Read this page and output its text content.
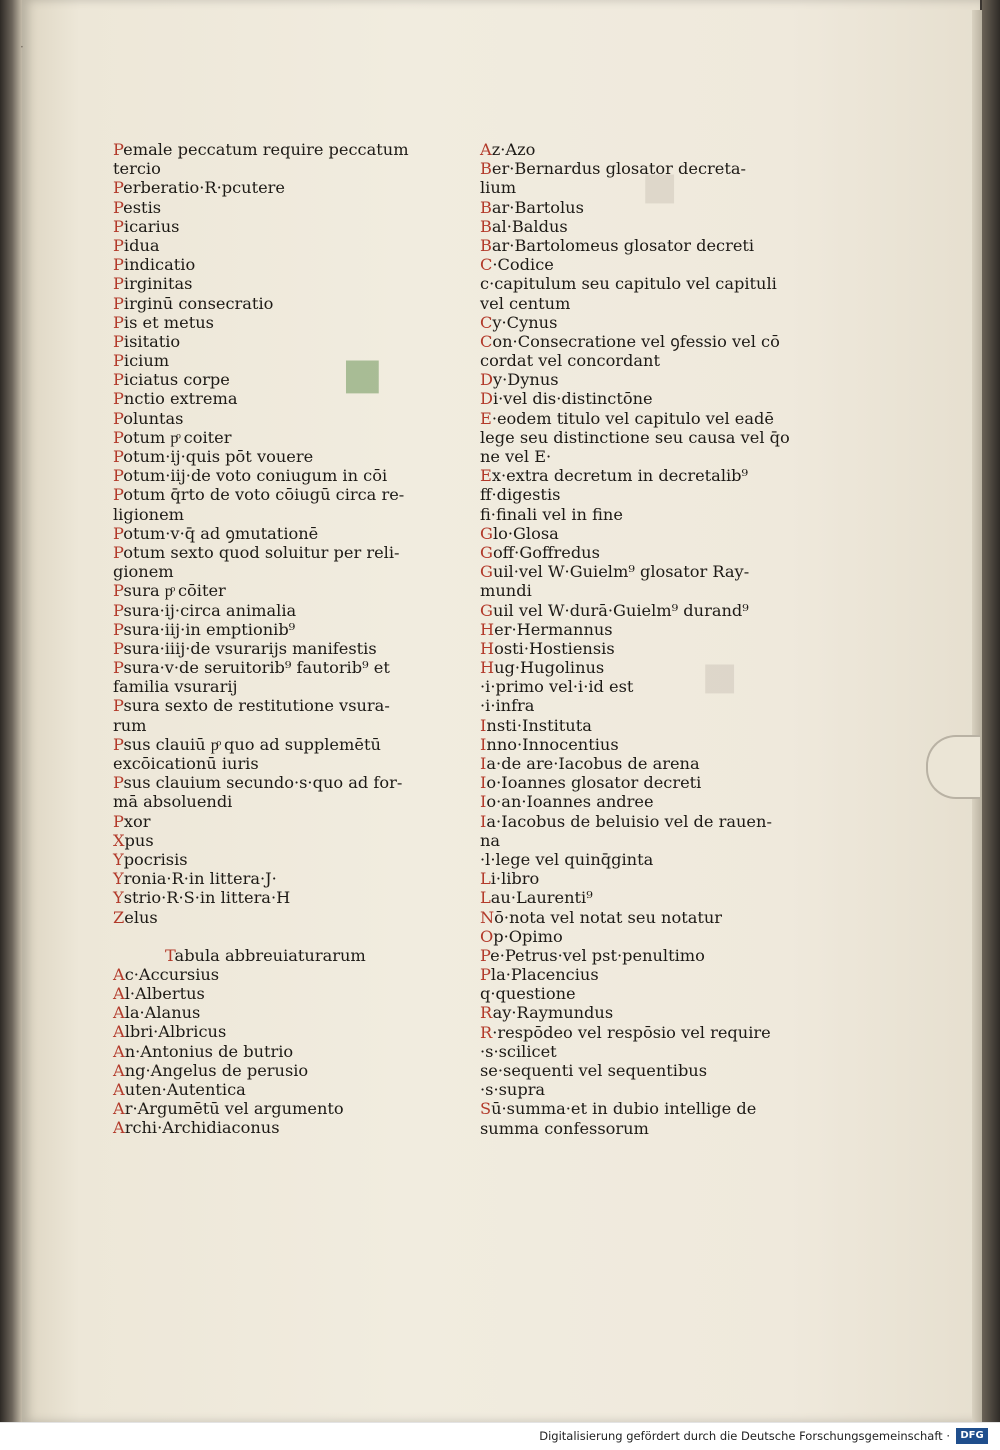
▪
▪
▪
·
Pemale peccatum require peccatum
tercio
Perberatio·R·pcutere
Pestis
Picarius
Pidua
Pindicatio
Pirginitas
Pirginū consecratio
Pis et metus
Pisitatio
Picium
Piciatus corpe
Pnctio extrema
Poluntas
Potum pͦ coiter
Potum·ij·quis pōt vouere
Potum·iij·de voto coniugum in cōi
Potum q̄rto de voto cōiugū circa re-
ligionem
Potum·v·q̄ ad ꝯmutationē
Potum sexto quod soluitur per reli-
gionem
Psura pͦ cōiter
Psura·ij·circa animalia
Psura·iij·in emptionib⁹
Psura·iiij·de vsurarijs manifestis
Psura·v·de seruitorib⁹ fautorib⁹ et
familia vsurarij
Psura sexto de restitutione vsura-
rum
Psus clauiū pͦ quo ad supplemētū
excōicationū iuris
Psus clauium secundo·s·quo ad for-
mā absoluendi
Pxor
Xpus
Ypocrisis
Yronia·R·in littera·J·
Ystrio·R·S·in littera·H
Zelus
Tabula abbreuiaturarum
Ac·Accursius
Al·Albertus
Ala·Alanus
Albri·Albricus
An·Antonius de butrio
Ang·Angelus de perusio
Auten·Autentica
Ar·Argumētū vel argumento
Archi·Archidiaconus
Az·Azo
Ber·Bernardus glosator decreta-
lium
Bar·Bartolus
Bal·Baldus
Bar·Bartolomeus glosator decreti
C·Codice
c·capitulum seu capitulo vel capituli
vel centum
Cy·Cynus
Con·Consecratione vel ꝯfessio vel cō
cordat vel concordant
Dy·Dynus
Di·vel dis·distinctōne
E·eodem titulo vel capitulo vel eadē
lege seu distinctione seu causa vel q̄o
ne vel E·
Ex·extra decretum in decretalib⁹
ff·digestis
fi·finali vel in fine
Glo·Glosa
Goff·Goffredus
Guil·vel W·Guielm⁹ glosator Ray-
mundi
Guil vel W·durā·Guielm⁹ durand⁹
Her·Hermannus
Hosti·Hostiensis
Hug·Hugolinus
·i·primo vel·i·id est
·i·infra
Insti·Instituta
Inno·Innocentius
Ia·de are·Iacobus de arena
Io·Ioannes glosator decreti
Io·an·Ioannes andree
Ia·Iacobus de beluisio vel de rauen-
na
·l·lege vel quinq̄ginta
Li·libro
Lau·Laurenti⁹
Nō·nota vel notat seu notatur
Op·Opimo
Pe·Petrus·vel pst·penultimo
Pla·Placencius
q·questione
Ray·Raymundus
R·respōdeo vel respōsio vel require
·s·scilicet
se·sequenti vel sequentibus
·s·supra
Sū·summa·et in dubio intellige de
summa confessorum
Digitalisierung gefördert durch die Deutsche Forschungsgemeinschaft ·	DFG
